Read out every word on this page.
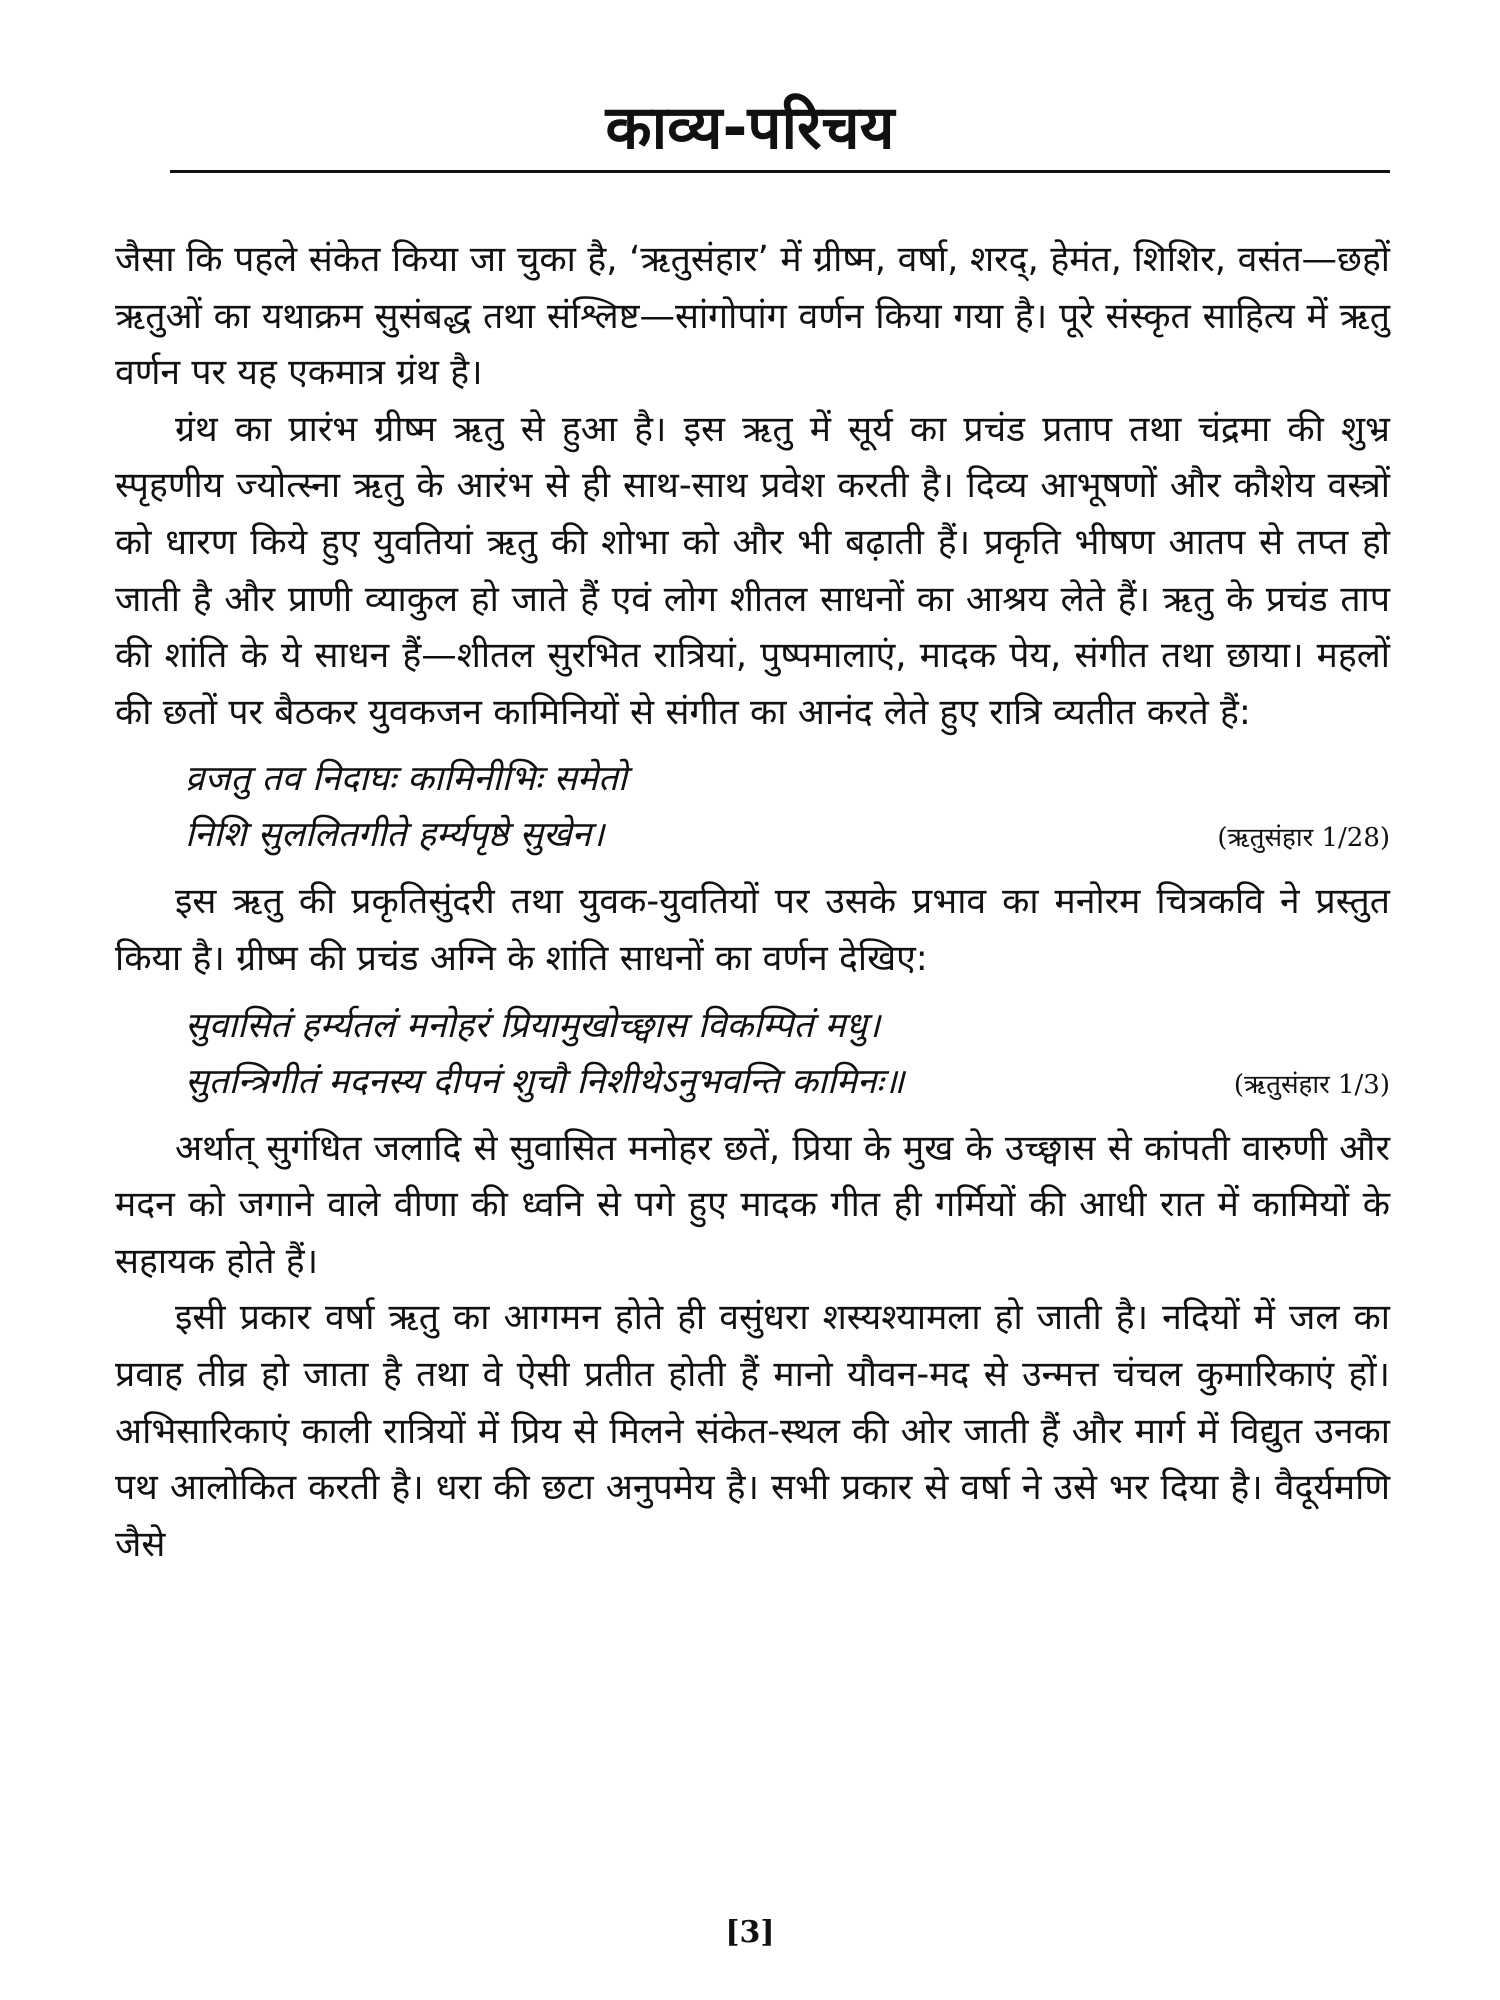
काव्य-परिचय

जैसा कि पहले संकेत किया जा चुका है, ‘ऋतुसंहार’ में ग्रीष्म, वर्षा, शरद्, हेमंत, शिशिर, वसंत—छहों ऋतुओं का यथाक्रम सुसंबद्ध तथा संश्लिष्ट—सांगोपांग वर्णन किया गया है। पूरे संस्कृत साहित्य में ऋतु वर्णन पर यह एकमात्र ग्रंथ है।

ग्रंथ का प्रारंभ ग्रीष्म ऋतु से हुआ है। इस ऋतु में सूर्य का प्रचंड प्रताप तथा चंद्रमा की शुभ्र स्पृहणीय ज्योत्स्ना ऋतु के आरंभ से ही साथ-साथ प्रवेश करती है। दिव्य आभूषणों और कौशेय वस्त्रों को धारण किये हुए युवतियां ऋतु की शोभा को और भी बढ़ाती हैं। प्रकृति भीषण आतप से तप्त हो जाती है और प्राणी व्याकुल हो जाते हैं एवं लोग शीतल साधनों का आश्रय लेते हैं। ऋतु के प्रचंड ताप की शांति के ये साधन हैं—शीतल सुरभित रात्रियां, पुष्पमालाएं, मादक पेय, संगीत तथा छाया। महलों की छतों पर बैठकर युवकजन कामिनियों से संगीत का आनंद लेते हुए रात्रि व्यतीत करते हैं:

व्रजतु तव निदाघः कामिनीभिः समेतो
निशि सुललितगीते हर्म्यपृष्ठे सुखेन।	(ऋतुसंहार 1/28)

इस ऋतु की प्रकृतिसुंदरी तथा युवक-युवतियों पर उसके प्रभाव का मनोरम चित्रकवि ने प्रस्तुत किया है। ग्रीष्म की प्रचंड अग्नि के शांति साधनों का वर्णन देखिए:

सुवासितं हर्म्यतलं मनोहरं प्रियामुखोच्छ्वास विकम्पितं मधु।
सुतन्त्रिगीतं मदनस्य दीपनं शुचौ निशीथेऽनुभवन्ति कामिनः॥	(ऋतुसंहार 1/3)

अर्थात् सुगंधित जलादि से सुवासित मनोहर छतें, प्रिया के मुख के उच्छ्वास से कांपती वारुणी और मदन को जगाने वाले वीणा की ध्वनि से पगे हुए मादक गीत ही गर्मियों की आधी रात में कामियों के सहायक होते हैं।

इसी प्रकार वर्षा ऋतु का आगमन होते ही वसुंधरा शस्यश्यामला हो जाती है। नदियों में जल का प्रवाह तीव्र हो जाता है तथा वे ऐसी प्रतीत होती हैं मानो यौवन-मद से उन्मत्त चंचल कुमारिकाएं हों। अभिसारिकाएं काली रात्रियों में प्रिय से मिलने संकेत-स्थल की ओर जाती हैं और मार्ग में विद्युत उनका पथ आलोकित करती है। धरा की छटा अनुपमेय है। सभी प्रकार से वर्षा ने उसे भर दिया है। वैदूर्यमणि जैसे

[3]
